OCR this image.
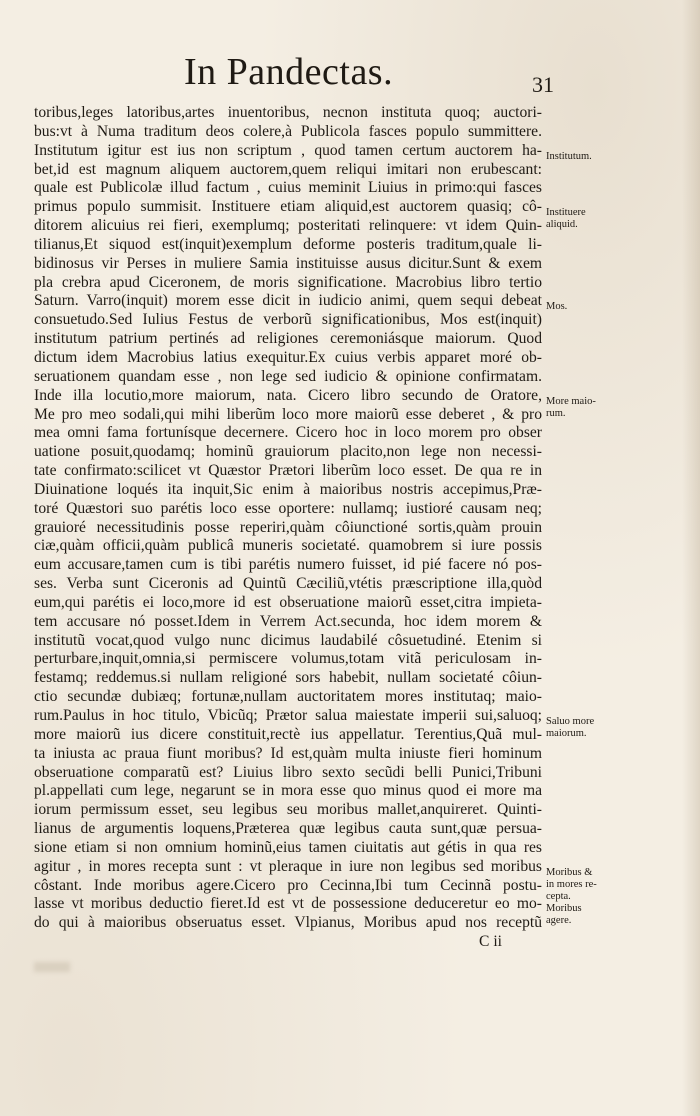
In Pandectas.	31
toribus,leges latoribus,artes inuentoribus, necnon instituta quoq; auctori-
bus:vt à Numa traditum deos colere,à Publicola fasces populo summittere.
Institutum igitur est ius non scriptum , quod tamen certum auctorem ha-
bet,id est magnum aliquem auctorem,quem reliqui imitari non erubescant:
quale est Publicolæ illud factum , cuius meminit Liuius in primo:qui fasces
primus populo summisit. Instituere etiam aliquid,est auctorem quasiq; cô-
ditorem alicuius rei fieri, exemplumq; posteritati relinquere: vt idem Quin-
tilianus,Et siquod est(inquit)exemplum deforme posteris traditum,quale li-
bidinosus vir Perses in muliere Samia instituisse ausus dicitur.Sunt & exem
pla crebra apud Ciceronem, de moris significatione. Macrobius libro tertio
Saturn. Varro(inquit) morem esse dicit in iudicio animi, quem sequi debeat
consuetudo.Sed Iulius Festus de verborũ significationibus, Mos est(inquit)
institutum patrium pertinés ad religiones ceremoniásque maiorum. Quod
dictum idem Macrobius latius exequitur.Ex cuius verbis apparet moré ob-
seruationem quandam esse , non lege sed iudicio & opinione confirmatam.
Inde illa locutio,more maiorum, nata. Cicero libro secundo de Oratore,
Me pro meo sodali,qui mihi liberũm loco more maiorũ esse deberet , & pro
mea omni fama fortunísque decernere. Cicero hoc in loco morem pro obser
uatione posuit,quodamq; hominũ grauiorum placito,non lege non necessi-
tate confirmato:scilicet vt Quæstor Prætori liberũm loco esset. De qua re in
Diuinatione loqués ita inquit,Sic enim à maioribus nostris accepimus,Præ-
toré Quæstori suo parétis loco esse oportere: nullamq; iustioré causam neq;
grauioré necessitudinis posse reperiri,quàm côiunctioné sortis,quàm prouin
ciæ,quàm officii,quàm publicâ muneris societaté. quamobrem si iure possis
eum accusare,tamen cum is tibi parétis numero fuisset, id pié facere nó pos-
ses. Verba sunt Ciceronis ad Quintũ Cæciliũ,vtétis præscriptione illa,quòd
eum,qui parétis ei loco,more id est obseruatione maiorũ esset,citra impieta-
tem accusare nó posset.Idem in Verrem Act.secunda, hoc idem morem &
institutũ vocat,quod vulgo nunc dicimus laudabilé côsuetudiné. Etenim si
perturbare,inquit,omnia,si permiscere volumus,totam vitã periculosam in-
festamq; reddemus.si nullam religioné sors habebit, nullam societaté côiun-
ctio secundæ dubiæq; fortunæ,nullam auctoritatem mores institutaq; maio-
rum.Paulus in hoc titulo, Vbicũq; Prætor salua maiestate imperii sui,saluoq;
more maiorũ ius dicere constituit,rectè ius appellatur. Terentius,Quã mul-
ta iniusta ac praua fiunt moribus? Id est,quàm multa iniuste fieri hominum
obseruatione comparatũ est? Liuius libro sexto secũdi belli Punici,Tribuni
pl.appellati cum lege, negarunt se in mora esse quo minus quod ei more ma
iorum permissum esset, seu legibus seu moribus mallet,anquireret. Quinti-
lianus de argumentis loquens,Præterea quæ legibus cauta sunt,quæ persua-
sione etiam si non omnium hominũ,eius tamen ciuitatis aut gétis in qua res
agitur , in mores recepta sunt : vt pleraque in iure non legibus sed moribus
côstant. Inde moribus agere.Cicero pro Cecinna,Ibi tum Cecinnã postu-
lasse vt moribus deductio fieret.Id est vt de possessione deduceretur eo mo-
do qui à maioribus obseruatus esset. Vlpianus, Moribus apud nos receptũ
C ii
Institutum.
Instituere
aliquid.
Mos.
More maio-
rum.
Saluo more
maiorum.
Moribus &
in mores re-
cepta.
Moribus
agere.
